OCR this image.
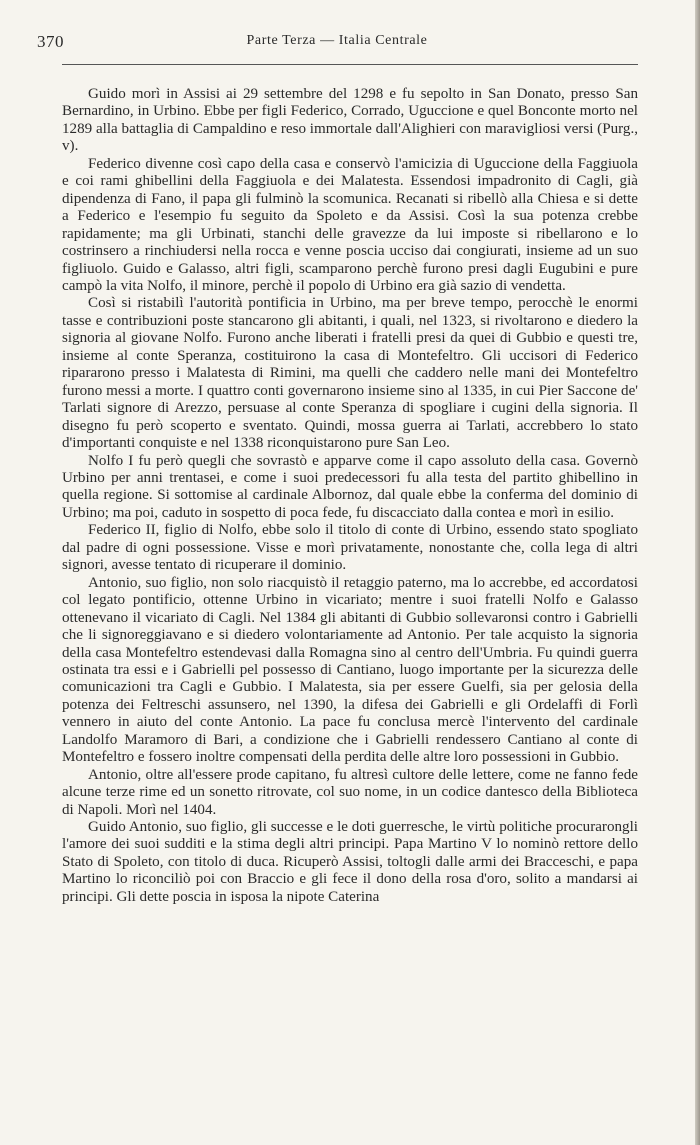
370	Parte Terza — Italia Centrale

Guido morì in Assisi ai 29 settembre del 1298 e fu sepolto in San Donato, presso San Bernardino, in Urbino. Ebbe per figli Federico, Corrado, Uguccione e quel Bonconte morto nel 1289 alla battaglia di Campaldino e reso immortale dall'Alighieri con maravigliosi versi (Purg., v).

Federico divenne così capo della casa e conservò l'amicizia di Uguccione della Faggiuola e coi rami ghibellini della Faggiuola e dei Malatesta. Essendosi impadronito di Cagli, già dipendenza di Fano, il papa gli fulminò la scomunica. Recanati si ribellò alla Chiesa e si dette a Federico e l'esempio fu seguito da Spoleto e da Assisi. Così la sua potenza crebbe rapidamente; ma gli Urbinati, stanchi delle gravezze da lui imposte si ribellarono e lo costrinsero a rinchiudersi nella rocca e venne poscia ucciso dai congiurati, insieme ad un suo figliuolo. Guido e Galasso, altri figli, scamparono perchè furono presi dagli Eugubini e pure campò la vita Nolfo, il minore, perchè il popolo di Urbino era già sazio di vendetta.

Così si ristabilì l'autorità pontificia in Urbino, ma per breve tempo, perocchè le enormi tasse e contribuzioni poste stancarono gli abitanti, i quali, nel 1323, si rivoltarono e diedero la signoria al giovane Nolfo. Furono anche liberati i fratelli presi da quei di Gubbio e questi tre, insieme al conte Speranza, costituirono la casa di Montefeltro. Gli uccisori di Federico ripararono presso i Malatesta di Rimini, ma quelli che caddero nelle mani dei Montefeltro furono messi a morte. I quattro conti governarono insieme sino al 1335, in cui Pier Saccone de' Tarlati signore di Arezzo, persuase al conte Speranza di spogliare i cugini della signoria. Il disegno fu però scoperto e sventato. Quindi, mossa guerra ai Tarlati, accrebbero lo stato d'importanti conquiste e nel 1338 riconquistarono pure San Leo.

Nolfo I fu però quegli che sovrastò e apparve come il capo assoluto della casa. Governò Urbino per anni trentasei, e come i suoi predecessori fu alla testa del partito ghibellino in quella regione. Si sottomise al cardinale Albornoz, dal quale ebbe la conferma del dominio di Urbino; ma poi, caduto in sospetto di poca fede, fu discacciato dalla contea e morì in esilio.

Federico II, figlio di Nolfo, ebbe solo il titolo di conte di Urbino, essendo stato spogliato dal padre di ogni possessione. Visse e morì privatamente, nonostante che, colla lega di altri signori, avesse tentato di ricuperare il dominio.

Antonio, suo figlio, non solo riacquistò il retaggio paterno, ma lo accrebbe, ed accordatosi col legato pontificio, ottenne Urbino in vicariato; mentre i suoi fratelli Nolfo e Galasso ottenevano il vicariato di Cagli. Nel 1384 gli abitanti di Gubbio sollevaronsi contro i Gabrielli che li signoreggiavano e si diedero volontariamente ad Antonio. Per tale acquisto la signoria della casa Montefeltro estendevasi dalla Romagna sino al centro dell'Umbria. Fu quindi guerra ostinata tra essi e i Gabrielli pel possesso di Cantiano, luogo importante per la sicurezza delle comunicazioni tra Cagli e Gubbio. I Malatesta, sia per essere Guelfi, sia per gelosia della potenza dei Feltreschi assunsero, nel 1390, la difesa dei Gabrielli e gli Ordelaffi di Forlì vennero in aiuto del conte Antonio. La pace fu conclusa mercè l'intervento del cardinale Landolfo Maramoro di Bari, a condizione che i Gabrielli rendessero Cantiano al conte di Montefeltro e fossero inoltre compensati della perdita delle altre loro possessioni in Gubbio.

Antonio, oltre all'essere prode capitano, fu altresì cultore delle lettere, come ne fanno fede alcune terze rime ed un sonetto ritrovate, col suo nome, in un codice dantesco della Biblioteca di Napoli. Morì nel 1404.

Guido Antonio, suo figlio, gli successe e le doti guerresche, le virtù politiche procurarongli l'amore dei suoi sudditi e la stima degli altri principi. Papa Martino V lo nominò rettore dello Stato di Spoleto, con titolo di duca. Ricuperò Assisi, toltogli dalle armi dei Bracceschi, e papa Martino lo riconciliò poi con Braccio e gli fece il dono della rosa d'oro, solito a mandarsi ai principi. Gli dette poscia in isposa la nipote Caterina
